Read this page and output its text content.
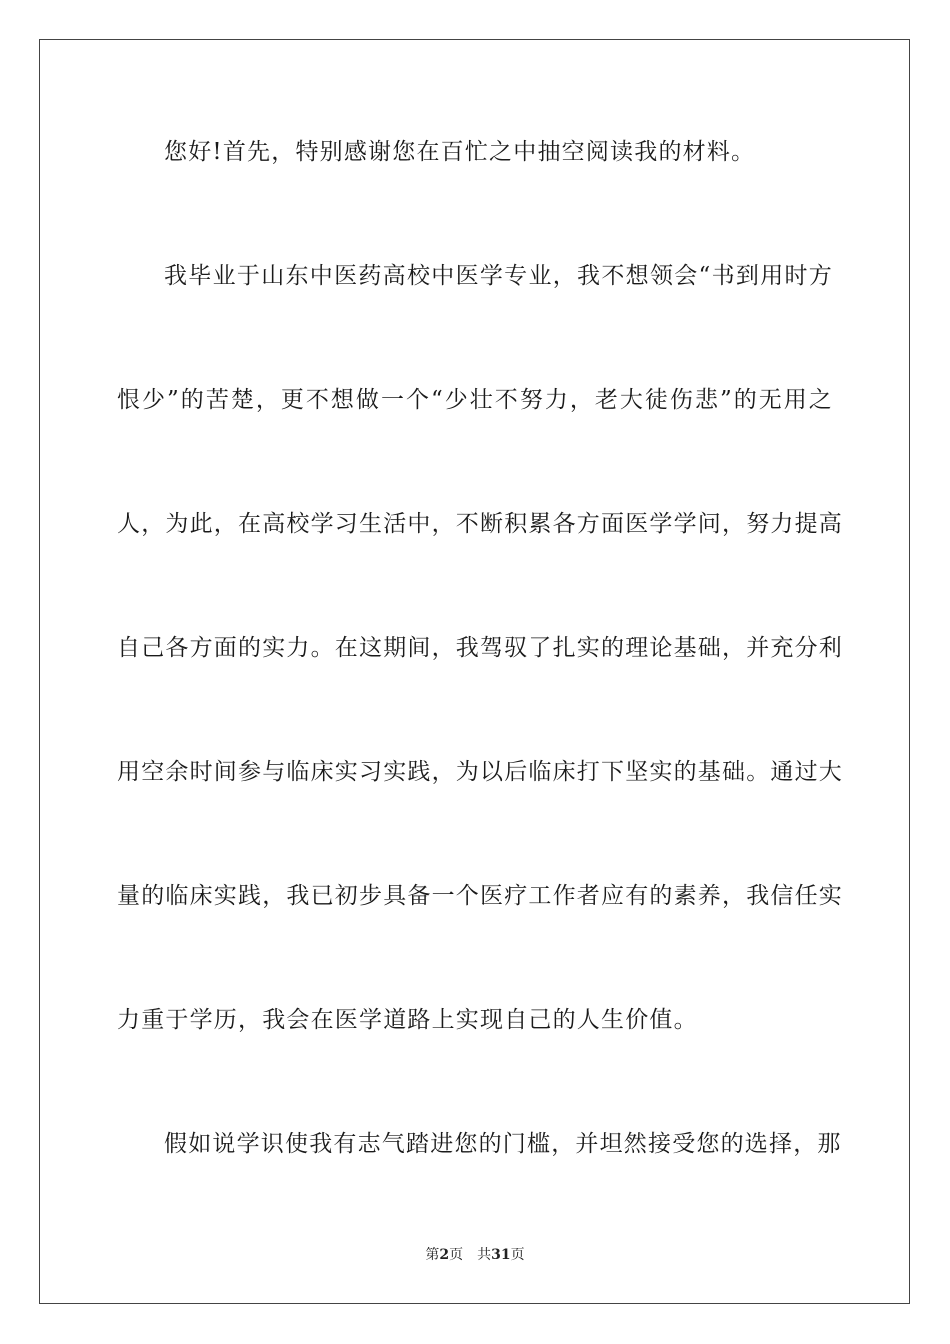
您好!首先，特别感谢您在百忙之中抽空阅读我的材料。
我毕业于山东中医药高校中医学专业，我不想领会“书到用时方
恨少”的苦楚，更不想做一个“少壮不努力，老大徒伤悲”的无用之
人，为此，在高校学习生活中，不断积累各方面医学学问，努力提高
自己各方面的实力。在这期间，我驾驭了扎实的理论基础，并充分利
用空余时间参与临床实习实践，为以后临床打下坚实的基础。通过大
量的临床实践，我已初步具备一个医疗工作者应有的素养，我信任实
力重于学历，我会在医学道路上实现自己的人生价值。
假如说学识使我有志气踏进您的门槛，并坦然接受您的选择，那
第2页 共31页
